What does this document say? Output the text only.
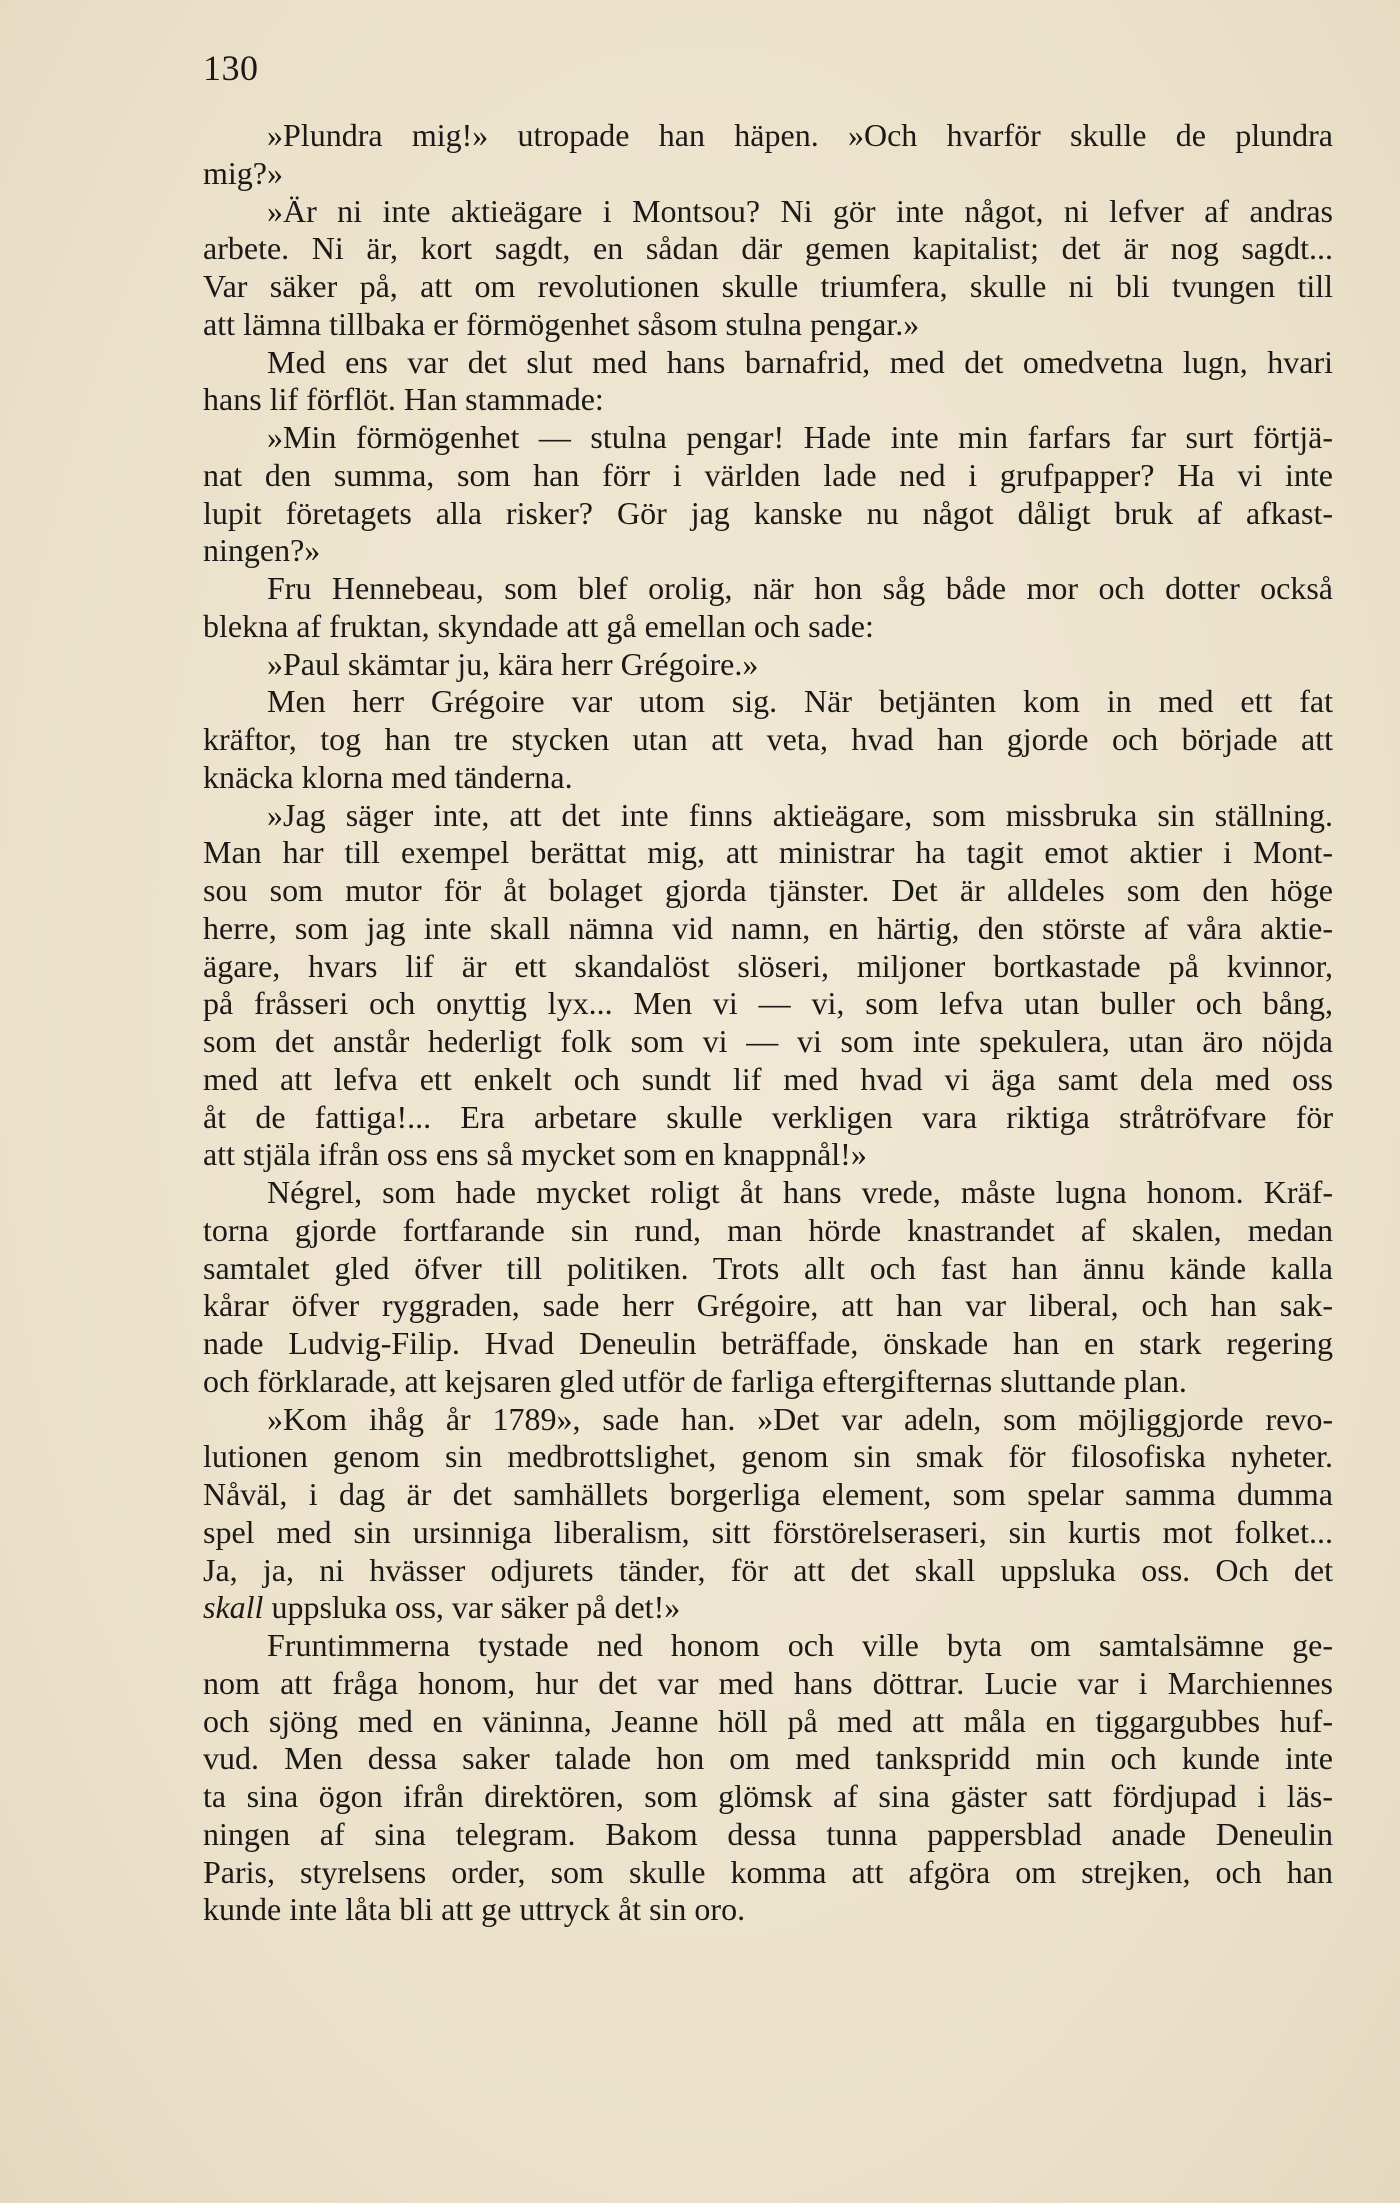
130
»Plundra mig!» utropade han häpen. »Och hvarför skulle de plundra
mig?»
»Är ni inte aktieägare i Montsou? Ni gör inte något, ni lefver af andras
arbete. Ni är, kort sagdt, en sådan där gemen kapitalist; det är nog sagdt...
Var säker på, att om revolutionen skulle triumfera, skulle ni bli tvungen till
att lämna tillbaka er förmögenhet såsom stulna pengar.»
Med ens var det slut med hans barnafrid, med det omedvetna lugn, hvari
hans lif förflöt. Han stammade:
»Min förmögenhet — stulna pengar! Hade inte min farfars far surt förtjä-
nat den summa, som han förr i världen lade ned i grufpapper? Ha vi inte
lupit företagets alla risker? Gör jag kanske nu något dåligt bruk af afkast-
ningen?»
Fru Hennebeau, som blef orolig, när hon såg både mor och dotter också
blekna af fruktan, skyndade att gå emellan och sade:
»Paul skämtar ju, kära herr Grégoire.»
Men herr Grégoire var utom sig. När betjänten kom in med ett fat
kräftor, tog han tre stycken utan att veta, hvad han gjorde och började att
knäcka klorna med tänderna.
»Jag säger inte, att det inte finns aktieägare, som missbruka sin ställning.
Man har till exempel berättat mig, att ministrar ha tagit emot aktier i Mont-
sou som mutor för åt bolaget gjorda tjänster. Det är alldeles som den höge
herre, som jag inte skall nämna vid namn, en härtig, den störste af våra aktie-
ägare, hvars lif är ett skandalöst slöseri, miljoner bortkastade på kvinnor,
på fråsseri och onyttig lyx... Men vi — vi, som lefva utan buller och bång,
som det anstår hederligt folk som vi — vi som inte spekulera, utan äro nöjda
med att lefva ett enkelt och sundt lif med hvad vi äga samt dela med oss
åt de fattiga!... Era arbetare skulle verkligen vara riktiga stråtröfvare för
att stjäla ifrån oss ens så mycket som en knappnål!»
Négrel, som hade mycket roligt åt hans vrede, måste lugna honom. Kräf-
torna gjorde fortfarande sin rund, man hörde knastrandet af skalen, medan
samtalet gled öfver till politiken. Trots allt och fast han ännu kände kalla
kårar öfver ryggraden, sade herr Grégoire, att han var liberal, och han sak-
nade Ludvig-Filip. Hvad Deneulin beträffade, önskade han en stark regering
och förklarade, att kejsaren gled utför de farliga eftergifternas sluttande plan.
»Kom ihåg år 1789», sade han. »Det var adeln, som möjliggjorde revo-
lutionen genom sin medbrottslighet, genom sin smak för filosofiska nyheter.
Nåväl, i dag är det samhällets borgerliga element, som spelar samma dumma
spel med sin ursinniga liberalism, sitt förstörelseraseri, sin kurtis mot folket...
Ja, ja, ni hvässer odjurets tänder, för att det skall uppsluka oss. Och det
skall uppsluka oss, var säker på det!»
Fruntimmerna tystade ned honom och ville byta om samtalsämne ge-
nom att fråga honom, hur det var med hans döttrar. Lucie var i Marchiennes
och sjöng med en väninna, Jeanne höll på med att måla en tiggargubbes huf-
vud. Men dessa saker talade hon om med tankspridd min och kunde inte
ta sina ögon ifrån direktören, som glömsk af sina gäster satt fördjupad i läs-
ningen af sina telegram. Bakom dessa tunna pappersblad anade Deneulin
Paris, styrelsens order, som skulle komma att afgöra om strejken, och han
kunde inte låta bli att ge uttryck åt sin oro.
